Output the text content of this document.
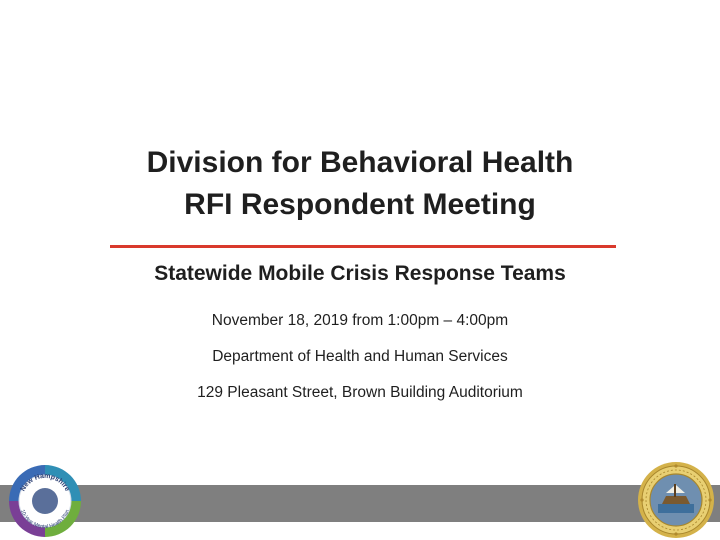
Division for Behavioral Health
RFI Respondent Meeting
Statewide Mobile Crisis Response Teams
November 18, 2019 from 1:00pm – 4:00pm
Department of Health and Human Services
129 Pleasant Street, Brown Building Auditorium
New Hampshire
10-Year Mental Health Plan
